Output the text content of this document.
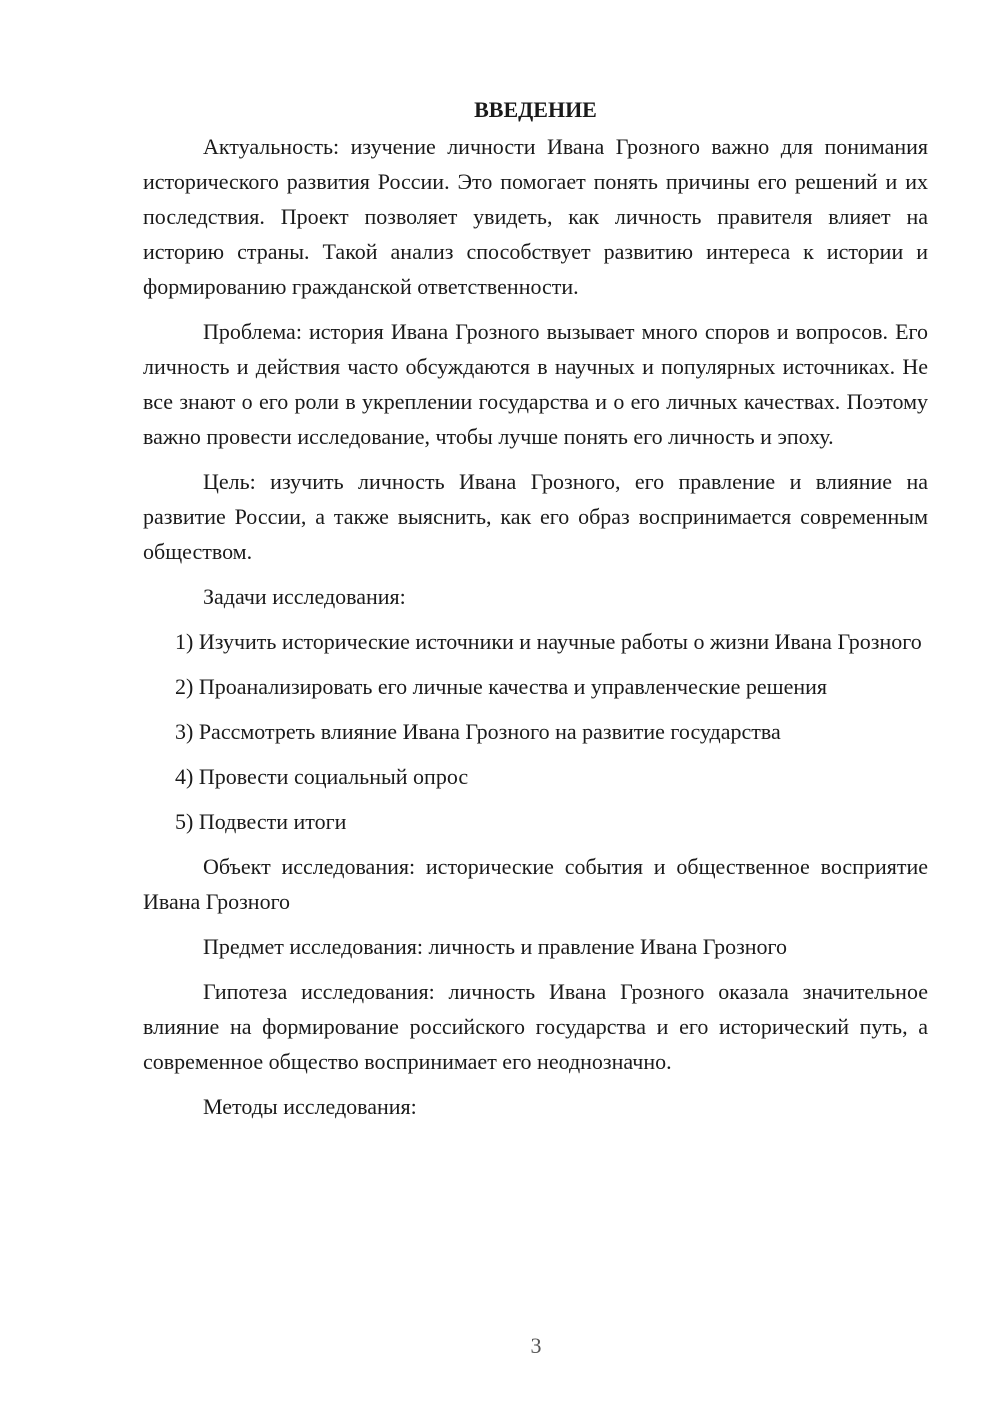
ВВЕДЕНИЕ

Актуальность: изучение личности Ивана Грозного важно для понимания исторического развития России. Это помогает понять причины его решений и их последствия. Проект позволяет увидеть, как личность правителя влияет на историю страны. Такой анализ способствует развитию интереса к истории и формированию гражданской ответственности.

Проблема: история Ивана Грозного вызывает много споров и вопросов. Его личность и действия часто обсуждаются в научных и популярных источниках. Не все знают о его роли в укреплении государства и о его личных качествах. Поэтому важно провести исследование, чтобы лучше понять его личность и эпоху.

Цель: изучить личность Ивана Грозного, его правление и влияние на развитие России, а также выяснить, как его образ воспринимается современным обществом.

Задачи исследования:

1) Изучить исторические источники и научные работы о жизни Ивана Грозного

2) Проанализировать его личные качества и управленческие решения

3) Рассмотреть влияние Ивана Грозного на развитие государства

4) Провести социальный опрос

5) Подвести итоги

Объект исследования: исторические события и общественное восприятие Ивана Грозного

Предмет исследования: личность и правление Ивана Грозного

Гипотеза исследования: личность Ивана Грозного оказала значительное влияние на формирование российского государства и его исторический путь, а современное общество воспринимает его неоднозначно.

Методы исследования:

3
